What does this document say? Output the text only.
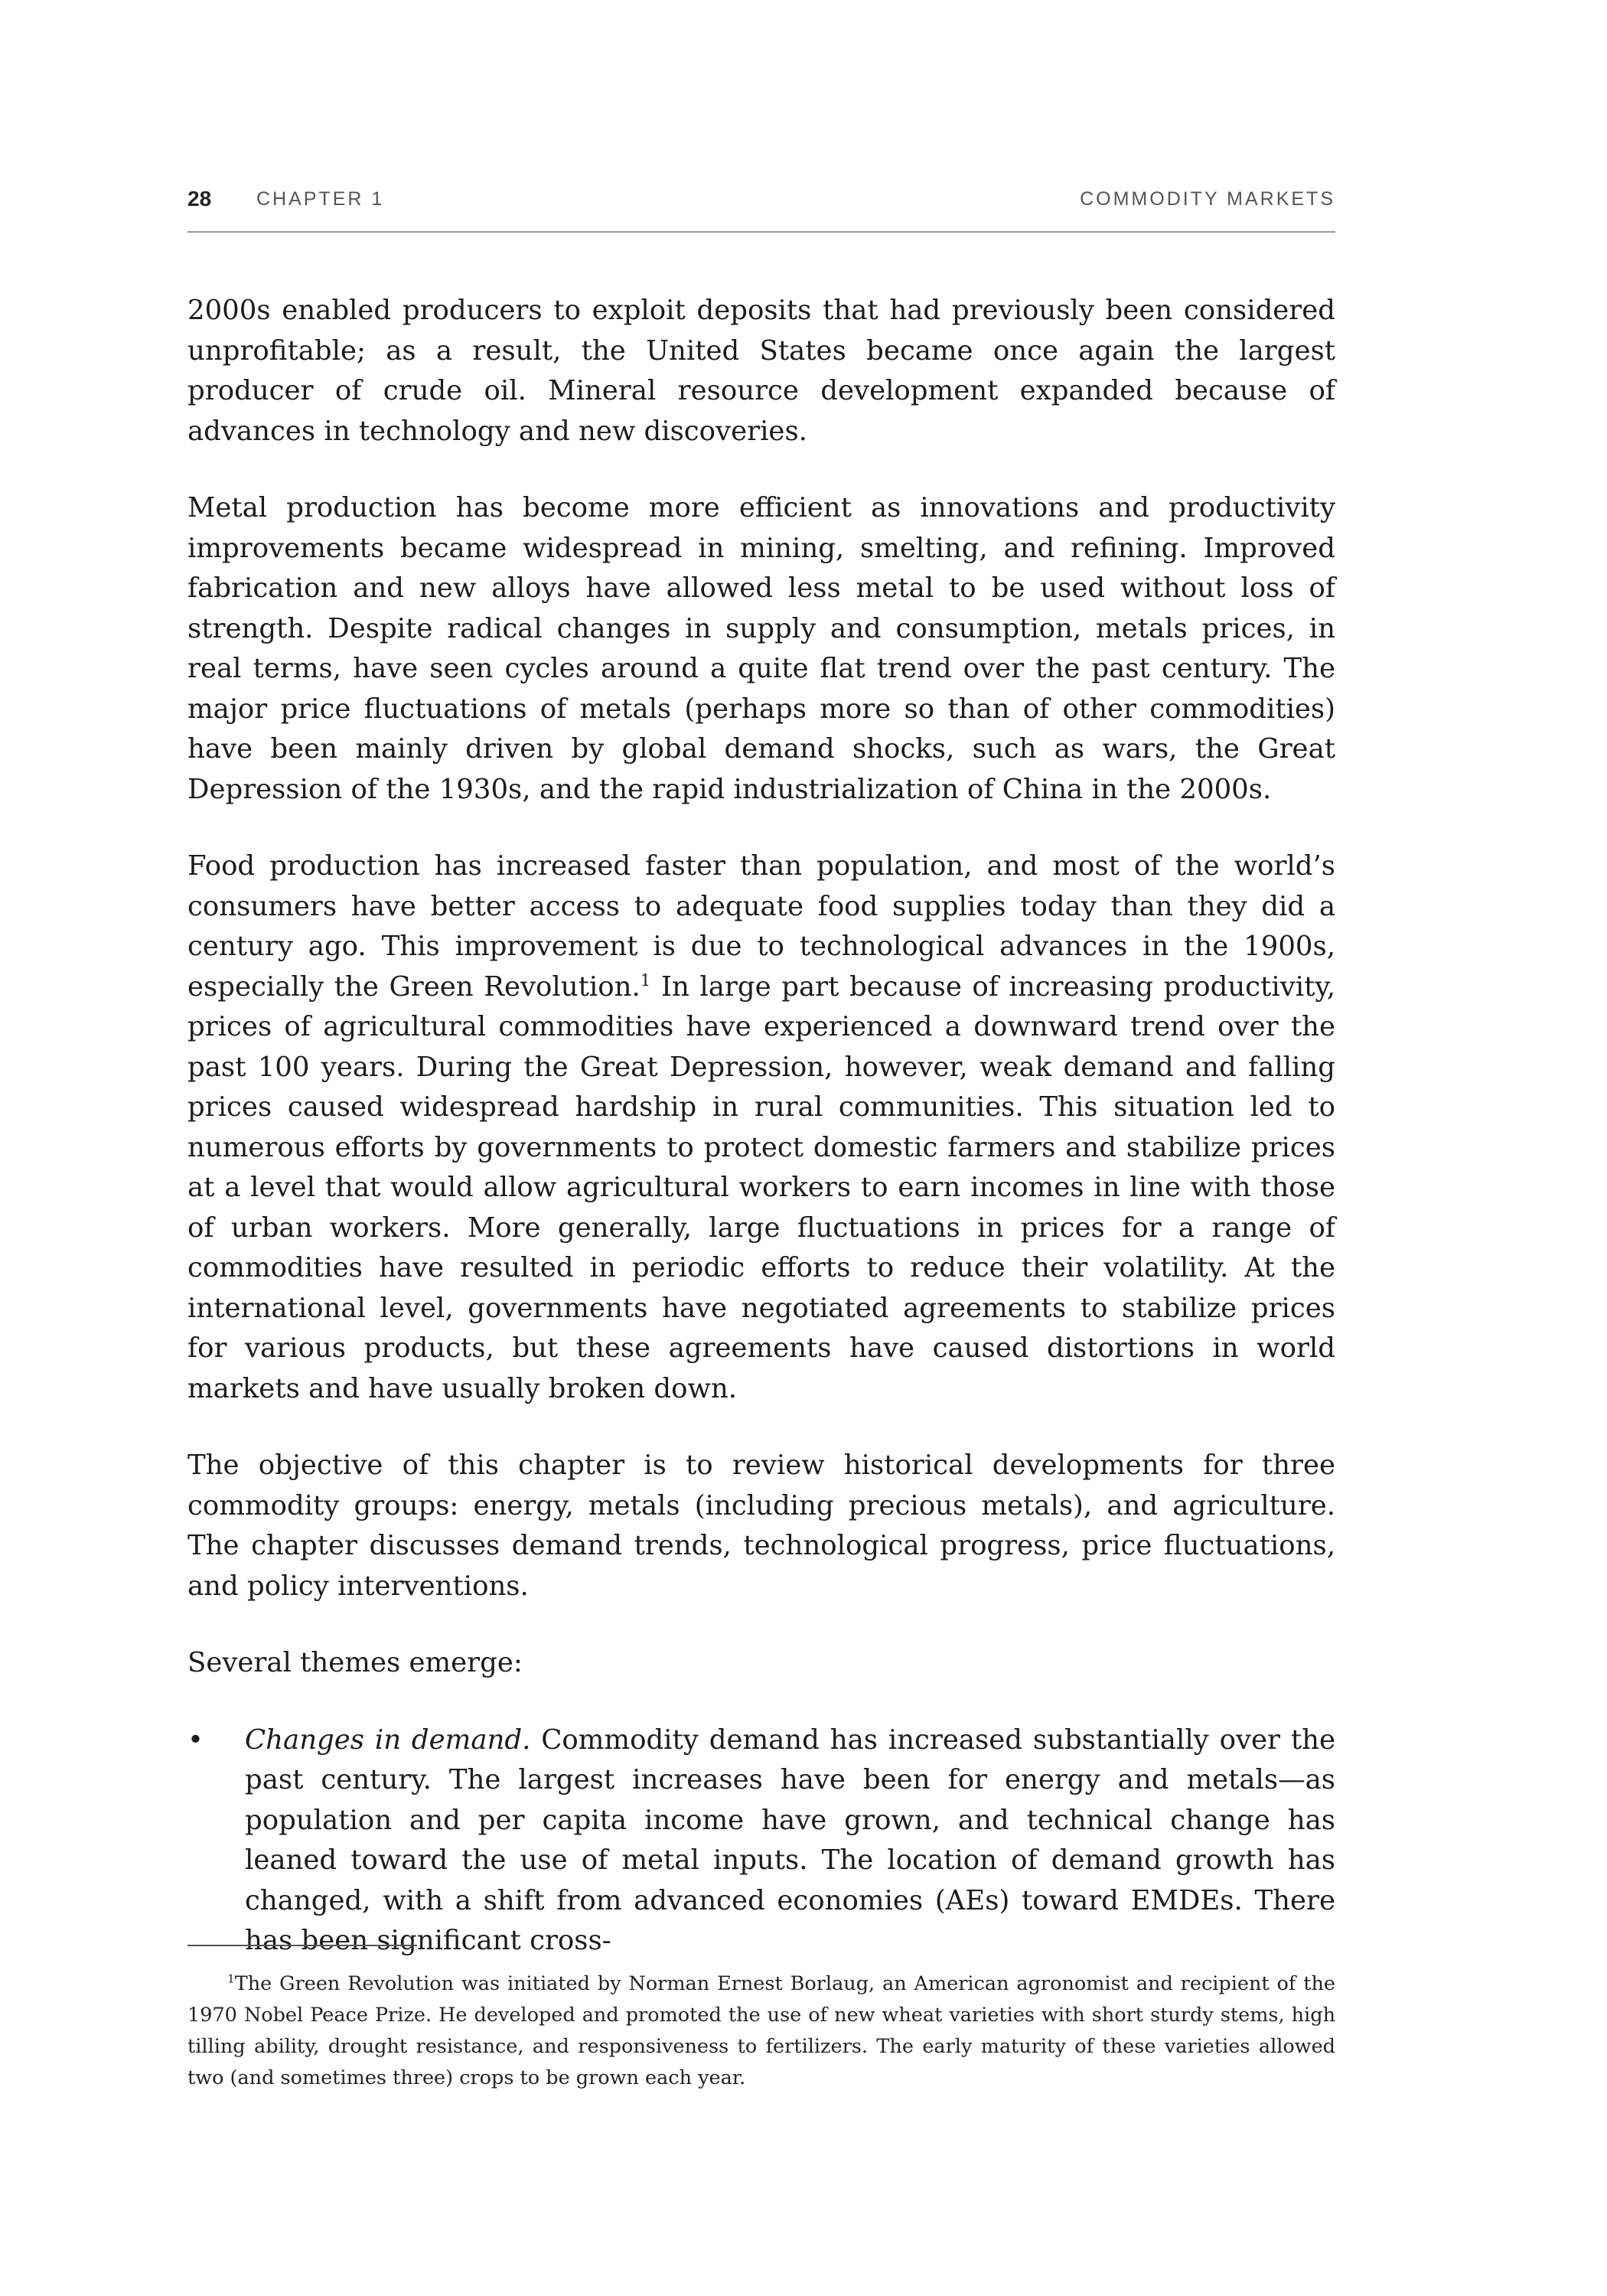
28 CHAPTER 1	COMMODITY MARKETS

2000s enabled producers to exploit deposits that had previously been considered unprofitable; as a result, the United States became once again the largest producer of crude oil. Mineral resource development expanded because of advances in technology and new discoveries.

Metal production has become more efficient as innovations and productivity improvements became widespread in mining, smelting, and refining. Improved fabrication and new alloys have allowed less metal to be used without loss of strength. Despite radical changes in supply and consumption, metals prices, in real terms, have seen cycles around a quite flat trend over the past century. The major price fluctuations of metals (perhaps more so than of other commodities) have been mainly driven by global demand shocks, such as wars, the Great Depression of the 1930s, and the rapid industrialization of China in the 2000s.

Food production has increased faster than population, and most of the world’s consumers have better access to adequate food supplies today than they did a century ago. This improvement is due to technological advances in the 1900s, especially the Green Revolution.$^1$ In large part because of increasing productivity, prices of agricultural commodities have experienced a downward trend over the past 100 years. During the Great Depression, however, weak demand and falling prices caused widespread hardship in rural communities. This situation led to numerous efforts by governments to protect domestic farmers and stabilize prices at a level that would allow agricultural workers to earn incomes in line with those of urban workers. More generally, large fluctuations in prices for a range of commodities have resulted in periodic efforts to reduce their volatility. At the international level, governments have negotiated agreements to stabilize prices for various products, but these agreements have caused distortions in world markets and have usually broken down.

The objective of this chapter is to review historical developments for three commodity groups: energy, metals (including precious metals), and agriculture. The chapter discusses demand trends, technological progress, price fluctuations, and policy interventions.

Several themes emerge:

• Changes in demand. Commodity demand has increased substantially over the past century. The largest increases have been for energy and metals—as population and per capita income have grown, and technical change has leaned toward the use of metal inputs. The location of demand growth has changed, with a shift from advanced economies (AEs) toward EMDEs. There has been significant cross-
$^1$The Green Revolution was initiated by Norman Ernest Borlaug, an American agronomist and recipient of the 1970 Nobel Peace Prize. He developed and promoted the use of new wheat varieties with short sturdy stems, high tilling ability, drought resistance, and responsiveness to fertilizers. The early maturity of these varieties allowed two (and sometimes three) crops to be grown each year.
